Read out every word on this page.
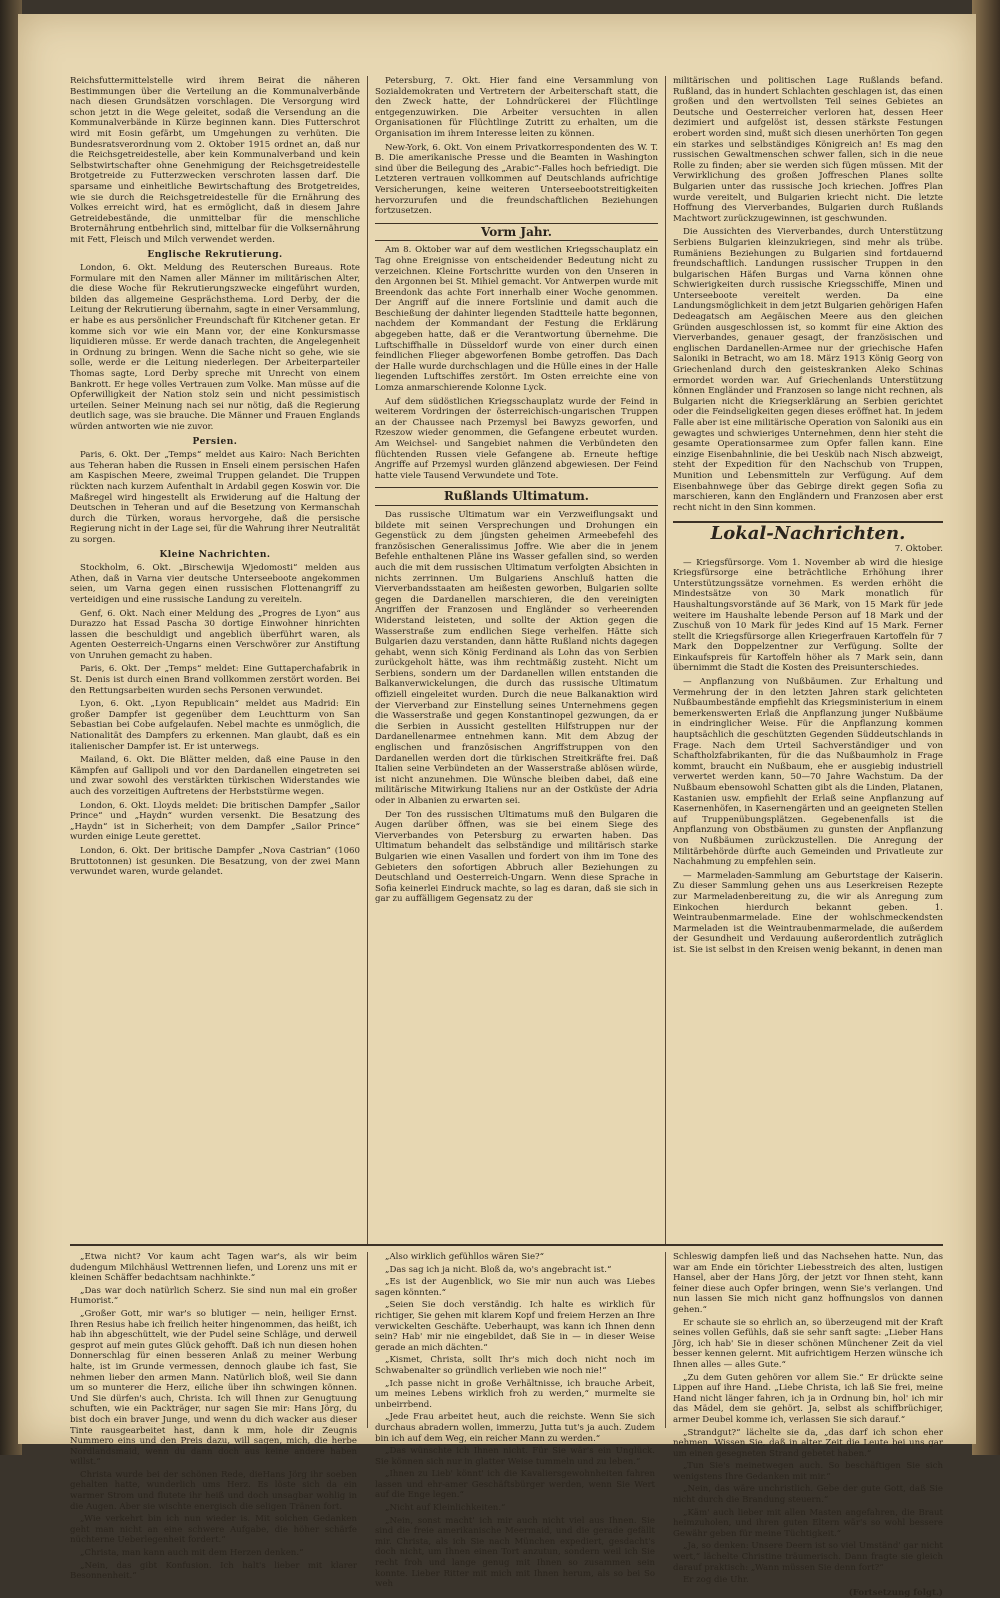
Reichsfuttermittelstelle wird ihrem Beirat die näheren Bestimmungen über die Verteilung an die Kommunalverbände nach diesen Grundsätzen vorschlagen. Die Versorgung wird schon jetzt in die Wege geleitet, sodaß die Versendung an die Kommunalverbände in Kürze beginnen kann. Dies Futterschrot wird mit Eosin gefärbt, um Umgehungen zu verhüten. Die Bundesratsverordnung vom 2. Oktober 1915 ordnet an, daß nur die Reichsgetreidestelle, aber kein Kommunalverband und kein Selbstwirtschafter ohne Genehmigung der Reichsgetreidestelle Brotgetreide zu Futterzwecken verschroten lassen darf. Die sparsame und einheitliche Bewirtschaftung des Brotgetreides, wie sie durch die Reichsgetreidestelle für die Ernährung des Volkes erreicht wird, hat es ermöglicht, daß in diesem Jahre Getreidebestände, die unmittelbar für die menschliche Broternährung entbehrlich sind, mittelbar für die Volksernährung mit Fett, Fleisch und Milch verwendet werden.

Englische Rekrutierung.

London, 6. Okt. Meldung des Reuterschen Bureaus. Rote Formulare mit den Namen aller Männer im militärischen Alter, die diese Woche für Rekrutierungszwecke eingeführt wurden, bilden das allgemeine Gesprächsthema. Lord Derby, der die Leitung der Rekrutierung übernahm, sagte in einer Versammlung, er habe es aus persönlicher Freundschaft für Kitchener getan. Er komme sich vor wie ein Mann vor, der eine Konkursmasse liquidieren müsse. Er werde danach trachten, die Angelegenheit in Ordnung zu bringen. Wenn die Sache nicht so gehe, wie sie solle, werde er die Leitung niederlegen. Der Arbeiterparteiler Thomas sagte, Lord Derby spreche mit Unrecht von einem Bankrott. Er hege volles Vertrauen zum Volke. Man müsse auf die Opferwilligkeit der Nation stolz sein und nicht pessimistisch urteilen. Seiner Meinung nach sei nur nötig, daß die Regierung deutlich sage, was sie brauche. Die Männer und Frauen Englands würden antworten wie nie zuvor.

Persien.

Paris, 6. Okt. Der „Temps“ meldet aus Kairo: Nach Berichten aus Teheran haben die Russen in Enseli einem persischen Hafen am Kaspischen Meere, zweimal Truppen gelandet. Die Truppen rückten nach kurzem Aufenthalt in Ardabil gegen Koswin vor. Die Maßregel wird hingestellt als Erwiderung auf die Haltung der Deutschen in Teheran und auf die Besetzung von Kermanschah durch die Türken, woraus hervorgehe, daß die persische Regierung nicht in der Lage sei, für die Wahrung ihrer Neutralität zu sorgen.

Kleine Nachrichten.

Stockholm, 6. Okt. „Birschewija Wjedomosti“ melden aus Athen, daß in Varna vier deutsche Unterseeboote angekommen seien, um Varna gegen einen russischen Flottenangriff zu verteidigen und eine russische Landung zu vereiteln.

Genf, 6. Okt. Nach einer Meldung des „Progres de Lyon“ aus Durazzo hat Essad Pascha 30 dortige Einwohner hinrichten lassen die beschuldigt und angeblich überführt waren, als Agenten Oesterreich-Ungarns einen Verschwörer zur Anstiftung von Unruhen gemacht zu haben.

Paris, 6. Okt. Der „Temps“ meldet: Eine Guttaperchafabrik in St. Denis ist durch einen Brand vollkommen zerstört worden. Bei den Rettungsarbeiten wurden sechs Personen verwundet.

Lyon, 6. Okt. „Lyon Republicain“ meldet aus Madrid: Ein großer Dampfer ist gegenüber dem Leuchtturm von San Sebastian bei Cobe aufgelaufen. Nebel machte es unmöglich, die Nationalität des Dampfers zu erkennen. Man glaubt, daß es ein italienischer Dampfer ist. Er ist unterwegs.

Mailand, 6. Okt. Die Blätter melden, daß eine Pause in den Kämpfen auf Gallipoli und vor den Dardanellen eingetreten sei und zwar sowohl des verstärkten türkischen Widerstandes wie auch des vorzeitigen Auftretens der Herbststürme wegen.

London, 6. Okt. Lloyds meldet: Die britischen Dampfer „Sailor Prince“ und „Haydn“ wurden versenkt. Die Besatzung des „Haydn“ ist in Sicherheit; von dem Dampfer „Sailor Prince“ wurden einige Leute gerettet.

London, 6. Okt. Der britische Dampfer „Nova Castrian“ (1060 Bruttotonnen) ist gesunken. Die Besatzung, von der zwei Mann verwundet waren, wurde gelandet.

Petersburg, 7. Okt. Hier fand eine Versammlung von Sozialdemokraten und Vertretern der Arbeiterschaft statt, die den Zweck hatte, der Lohndrückerei der Flüchtlinge entgegenzuwirken. Die Arbeiter versuchten in allen Organisationen für Flüchtlinge Zutritt zu erhalten, um die Organisation im ihrem Interesse leiten zu können.

New-York, 6. Okt. Von einem Privatkorrespondenten des W. T. B. Die amerikanische Presse und die Beamten in Washington sind über die Beilegung des „Arabic“-Falles hoch befriedigt. Die Letzteren vertrauen vollkommen auf Deutschlands aufrichtige Versicherungen, keine weiteren Unterseebootstreitigkeiten hervorzurufen und die freundschaftlichen Beziehungen fortzusetzen.

Vorm Jahr.

Am 8. Oktober war auf dem westlichen Kriegsschauplatz ein Tag ohne Ereignisse von entscheidender Bedeutung nicht zu verzeichnen. Kleine Fortschritte wurden von den Unseren in den Argonnen bei St. Mihiel gemacht. Vor Antwerpen wurde mit Breendonk das achte Fort innerhalb einer Woche genommen. Der Angriff auf die innere Fortslinie und damit auch die Beschießung der dahinter liegenden Stadtteile hatte begonnen, nachdem der Kommandant der Festung die Erklärung abgegeben hatte, daß er die Verantwortung übernehme. Die Luftschiffhalle in Düsseldorf wurde von einer durch einen feindlichen Flieger abgeworfenen Bombe getroffen. Das Dach der Halle wurde durchschlagen und die Hülle eines in der Halle liegenden Luftschiffes zerstört. Im Osten erreichte eine von Lomza anmarschierende Kolonne Lyck.

Auf dem südöstlichen Kriegsschauplatz wurde der Feind in weiterem Vordringen der österreichisch-ungarischen Truppen an der Chaussee nach Przemysl bei Bawyzs geworfen, und Rzeszow wieder genommen, die Gefangene erbeutet wurden. Am Weichsel- und Sangebiet nahmen die Verbündeten den flüchtenden Russen viele Gefangene ab. Erneute heftige Angriffe auf Przemysl wurden glänzend abgewiesen. Der Feind hatte viele Tausend Verwundete und Tote.

Rußlands Ultimatum.

Das russische Ultimatum war ein Verzweiflungsakt und bildete mit seinen Versprechungen und Drohungen ein Gegenstück zu dem jüngsten geheimen Armeebefehl des französischen Generalissimus Joffre. Wie aber die in jenem Befehle enthaltenen Pläne ins Wasser gefallen sind, so werden auch die mit dem russischen Ultimatum verfolgten Absichten in nichts zerrinnen. Um Bulgariens Anschluß hatten die Vierverbandsstaaten am heißesten geworben, Bulgarien sollte gegen die Dardanellen marschieren, die den vereinigten Angriffen der Franzosen und Engländer so verheerenden Widerstand leisteten, und sollte der Aktion gegen die Wasserstraße zum endlichen Siege verhelfen. Hätte sich Bulgarien dazu verstanden, dann hätte Rußland nichts dagegen gehabt, wenn sich König Ferdinand als Lohn das von Serbien zurückgeholt hätte, was ihm rechtmäßig zusteht. Nicht um Serbiens, sondern um der Dardanellen willen entstanden die Balkanverwickelungen, die durch das russische Ultimatum offiziell eingeleitet wurden. Durch die neue Balkanaktion wird der Vierverband zur Einstellung seines Unternehmens gegen die Wasserstraße und gegen Konstantinopel gezwungen, da er die Serbien in Aussicht gestellten Hilfstruppen nur der Dardanellenarmee entnehmen kann. Mit dem Abzug der englischen und französischen Angriffstruppen von den Dardanellen werden dort die türkischen Streitkräfte frei. Daß Italien seine Verbündeten an der Wasserstraße ablösen würde, ist nicht anzunehmen. Die Wünsche bleiben dabei, daß eine militärische Mitwirkung Italiens nur an der Ostküste der Adria oder in Albanien zu erwarten sei.

Der Ton des russischen Ultimatums muß den Bulgaren die Augen darüber öffnen, was sie bei einem Siege des Vierverbandes von Petersburg zu erwarten haben. Das Ultimatum behandelt das selbständige und militärisch starke Bulgarien wie einen Vasallen und fordert von ihm im Tone des Gebieters den sofortigen Abbruch aller Beziehungen zu Deutschland und Oesterreich-Ungarn. Wenn diese Sprache in Sofia keinerlei Eindruck machte, so lag es daran, daß sie sich in gar zu auffälligem Gegensatz zu der

militärischen und politischen Lage Rußlands befand. Rußland, das in hundert Schlachten geschlagen ist, das einen großen und den wertvollsten Teil seines Gebietes an Deutsche und Oesterreicher verloren hat, dessen Heer dezimiert und aufgelöst ist, dessen stärkste Festungen erobert worden sind, mußt sich diesen unerhörten Ton gegen ein starkes und selbständiges Königreich an! Es mag den russischen Gewaltmenschen schwer fallen, sich in die neue Rolle zu finden; aber sie werden sich fügen müssen. Mit der Verwirklichung des großen Joffreschen Planes sollte Bulgarien unter das russische Joch kriechen. Joffres Plan wurde vereitelt, und Bulgarien kriecht nicht. Die letzte Hoffnung des Vierverbandes, Bulgarien durch Rußlands Machtwort zurückzugewinnen, ist geschwunden.

Die Aussichten des Vierverbandes, durch Unterstützung Serbiens Bulgarien kleinzukriegen, sind mehr als trübe. Rumäniens Beziehungen zu Bulgarien sind fortdauernd freundschaftlich. Landungen russischer Truppen in den bulgarischen Häfen Burgas und Varna können ohne Schwierigkeiten durch russische Kriegsschiffe, Minen und Unterseeboote vereitelt werden. Da eine Landungsmöglichkeit in dem jetzt Bulgarien gehörigen Hafen Dedeagatsch am Aegäischen Meere aus den gleichen Gründen ausgeschlossen ist, so kommt für eine Aktion des Vierverbandes, genauer gesagt, der französischen und englischen Dardanellen-Armee nur der griechische Hafen Saloniki in Betracht, wo am 18. März 1913 König Georg von Griechenland durch den geisteskranken Aleko Schinas ermordet worden war. Auf Griechenlands Unterstützung können Engländer und Franzosen so lange nicht rechnen, als Bulgarien nicht die Kriegserklärung an Serbien gerichtet oder die Feindseligkeiten gegen dieses eröffnet hat. In jedem Falle aber ist eine militärische Operation von Saloniki aus ein gewagtes und schwieriges Unternehmen, denn hier steht die gesamte Operationsarmee zum Opfer fallen kann. Eine einzige Eisenbahnlinie, die bei Uesküb nach Nisch abzweigt, steht der Expedition für den Nachschub von Truppen, Munition und Lebensmitteln zur Verfügung. Auf dem Eisenbahnwege über das Gebirge direkt gegen Sofia zu marschieren, kann den Engländern und Franzosen aber erst recht nicht in den Sinn kommen.

Lokal-Nachrichten.
7. Oktober.

— Kriegsfürsorge. Vom 1. November ab wird die hiesige Kriegsfürsorge eine beträchtliche Erhöhung ihrer Unterstützungssätze vornehmen. Es werden erhöht die Mindestsätze von 30 Mark monatlich für Haushaltungsvorstände auf 36 Mark, von 15 Mark für jede weitere im Haushalte lebende Person auf 18 Mark und der Zuschuß von 10 Mark für jedes Kind auf 15 Mark. Ferner stellt die Kriegsfürsorge allen Kriegerfrauen Kartoffeln für 7 Mark den Doppelzentner zur Verfügung. Sollte der Einkaufspreis für Kartoffeln höher als 7 Mark sein, dann übernimmt die Stadt die Kosten des Preisunterschiedes.

— Anpflanzung von Nußbäumen. Zur Erhaltung und Vermehrung der in den letzten Jahren stark gelichteten Nußbaumbestände empfiehlt das Kriegsministerium in einem bemerkenswerten Erlaß die Anpflanzung junger Nußbäume in eindringlicher Weise. Für die Anpflanzung kommen hauptsächlich die geschützten Gegenden Süddeutschlands in Frage. Nach dem Urteil Sachverständiger und von Schaftholzfabrikanten, für die das Nußbaumholz in Frage kommt, braucht ein Nußbaum, ehe er ausgiebig industriell verwertet werden kann, 50—70 Jahre Wachstum. Da der Nußbaum ebensowohl Schatten gibt als die Linden, Platanen, Kastanien usw. empfiehlt der Erlaß seine Anpflanzung auf Kasernenhöfen, in Kasernengärten und an geeigneten Stellen auf Truppenübungsplätzen. Gegebenenfalls ist die Anpflanzung von Obstbäumen zu gunsten der Anpflanzung von Nußbäumen zurückzustellen. Die Anregung der Militärbehörde dürfte auch Gemeinden und Privatleute zur Nachahmung zu empfehlen sein.

— Marmeladen-Sammlung am Geburtstage der Kaiserin. Zu dieser Sammlung gehen uns aus Leserkreisen Rezepte zur Marmeladenbereitung zu, die wir als Anregung zum Einkochen hierdurch bekannt geben. 1. Weintraubenmarmelade. Eine der wohlschmeckendsten Marmeladen ist die Weintraubenmarmelade, die außerdem der Gesundheit und Verdauung außerordentlich zuträglich ist. Sie ist selbst in den Kreisen wenig bekannt, in denen man

„Etwa nicht? Vor kaum acht Tagen war's, als wir beim dudengum Milchhäusl Wettrennen liefen, und Lorenz uns mit er kleinen Schäffer bedachtsam nachhinkte.“

„Das war doch natürlich Scherz. Sie sind nun mal ein großer Humorist.“

„Großer Gott, mir war's so blutiger — nein, heiliger Ernst. Ihren Resius habe ich freilich heiter hingenommen, das heißt, ich hab ihn abgeschüttelt, wie der Pudel seine Schläge, und derweil gesprot auf mein gutes Glück gehofft. Daß ich nun diesen hohen Donnerschlag für einen besseren Anlaß zu meiner Werbung halte, ist im Grunde vermessen, dennoch glaube ich fast, Sie nehmen lieber den armen Mann. Natürlich bloß, weil Sie dann um so munterer die Herz, eiliche über ihn schwingen können. Und Sie dürfen's auch, Christa. Ich will Ihnen zur Genugtuung schuften, wie ein Packträger, nur sagen Sie mir: Hans Jörg, du bist doch ein braver Junge, und wenn du dich wacker aus dieser Tinte rausgearbeitet hast, dann k mm, hole dir Zeugnis Nummero eins und den Preis dazu, will sagen, mich, die herbe Nordlandsmaid, wenn du dann doch aus keine andere haben willst.“

Christa wurde bei der schönen Rede, dieHans Jörg ihr soeben gehalten hatte, wunderlich ums Herz. Es löste sich da ein warmer Strom und flutete ihr heiß und doch unsagbar wohlig in die Augen. Aber sie wischte energisch die seligen Tränen fort.

„Wie verkehrt bin ich nun wieder is. Mit solchen Gedanken geht man nicht an eine schwere Aufgabe, die höher schärfe nüchterne Ueberlegenheit fordert.“

„Christa, man kann auch mit dem Herzen denken.“

„Nein, das gibt Konfusion. Ich halt's lieber mit klarer Besonnenheit.“

„Also wirklich gefühllos wären Sie?“

„Das sag ich ja nicht. Bloß da, wo's angebracht ist.“

„Es ist der Augenblick, wo Sie mir nun auch was Liebes sagen könnten.“

„Seien Sie doch verständig. Ich halte es wirklich für richtiger, Sie gehen mit klarem Kopf und freiem Herzen an Ihre verwickelten Geschäfte. Ueberhaupt, was kann ich Ihnen denn sein? Hab' mir nie eingebildet, daß Sie in — in dieser Weise gerade an mich dächten.“

„Kismet, Christa, sollt Ihr's mich doch nicht noch im Schwabenalter so gründlich verlieben wie noch nie!“

„Ich passe nicht in große Verhältnisse, ich brauche Arbeit, um meines Lebens wirklich froh zu werden,“ murmelte sie unbeirrbend.

„Jede Frau arbeitet heut, auch die reichste. Wenn Sie sich durchaus abradern wollen, immerzu, Jutta tut's ja auch. Zudem bin ich auf dem Weg, ein reicher Mann zu werden.“

„Das wünschte ich Ihnen nicht. Für Sie wär's ein Unglück. Sie können sich nur in glatter Weise tummeln und zu leben.“

„Ihnen zu Lieb' könnt' ich die Kavaliersgewohnheiten fahren lassen und ehr-amer Geschäftsbürger werden, wenn Sie Wert auf die Enge legen.“

„Nicht auf Kleinlichkeiten.“

„Nein, sonst macht' ich mir auch nicht viel aus Ihnen. Sie sind die freie amerikanische Meermaid, und die gerade gefällt mir. Christa, als ich Sie nach München expediert, gesdacht's doch nicht, um Ihnen einen Tort anzutun, sondern weil ich Sie recht froh und lange genug mit Ihnen so zusammen sein konnte. Lieber Ritter mit mich mit Ihnen herum, als so bei So weh

Schleswig dampfen ließ und das Nachsehen hatte. Nun, das war am Ende ein törichter Liebesstreich des alten, lustigen Hansel, aber der Hans Jörg, der jetzt vor Ihnen steht, kann feiner diese auch Opfer bringen, wenn Sie's verlangen. Und nun lassen Sie mich nicht ganz hoffnungslos von dannen gehen.“

Er schaute sie so ehrlich an, so überzeugend mit der Kraft seines vollen Gefühls, daß sie sehr sanft sagte: „Lieber Hans Jörg, ich hab' Sie in dieser schönen Münchener Zeit da viel besser kennen gelernt. Mit aufrichtigem Herzen wünsche ich Ihnen alles — alles Gute.“

„Zu dem Guten gehören vor allem Sie.“ Er drückte seine Lippen auf ihre Hand. „Liebe Christa, ich laß Sie frei, meine Hand nicht länger fahren, ich ja in Ordnung bin, hol' ich mir das Mädel, dem sie gehört. Ja, selbst als schiffbrüchiger, armer Deubel komme ich, verlassen Sie sich darauf.“

„Strandgut?“ lächelte sie da, „das darf ich schon eher nehmen. Wissen Sie, daß in alter Zeit die Leute bei uns gar um einen gesegneten Strand gebetet haben.“

„Tun Sie's meinetwegen auch. So beschäftigen Sie sich wenigstens Ihre Gedanken mit mir.“

„Nein, das wäre unchristlich. Gebe der gute Gott, daß Sie nicht durch die Brandung steuern.“

„Käm' auch lieber mit allen Masten angefahren, die Braut heimzuholen, und ihren guten Eltern wär's so wohl bessere Gewähr geben für meine Tüchtigkeit.“

„Ja, so denken: Unsere Deern ist so viel Umständ' gar nicht wert,“ lächelte Christine träumerisch. Dann fragte sie gleich darauf praktisch: „Wann müssen Sie denn fort?“

Er zog die Uhr.

(Fortsetzung folgt.)
